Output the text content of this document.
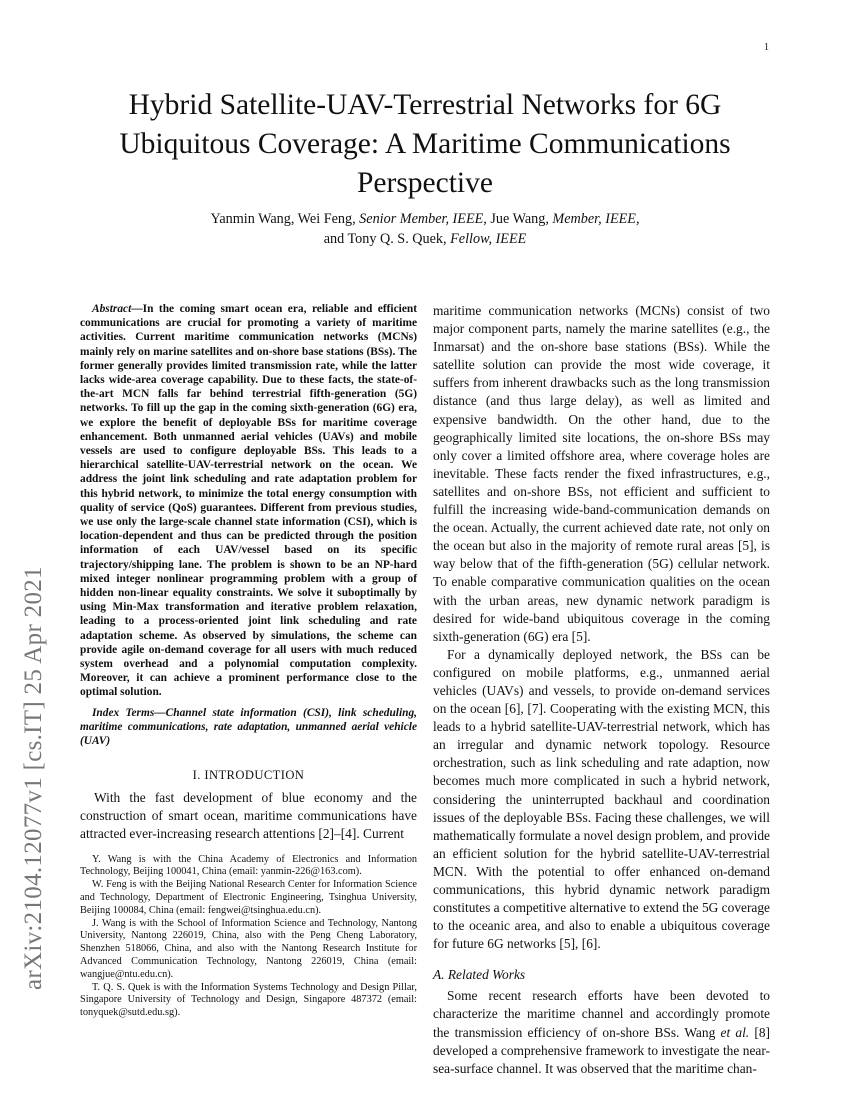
1
arXiv:2104.12077v1 [cs.IT] 25 Apr 2021
Hybrid Satellite-UAV-Terrestrial Networks for 6G Ubiquitous Coverage: A Maritime Communications Perspective
Yanmin Wang, Wei Feng, Senior Member, IEEE, Jue Wang, Member, IEEE,
and Tony Q. S. Quek, Fellow, IEEE

Abstract—In the coming smart ocean era, reliable and efficient communications are crucial for promoting a variety of maritime activities. Current maritime communication networks (MCNs) mainly rely on marine satellites and on-shore base stations (BSs). The former generally provides limited transmission rate, while the latter lacks wide-area coverage capability. Due to these facts, the state-of-the-art MCN falls far behind terrestrial fifth-generation (5G) networks. To fill up the gap in the coming sixth-generation (6G) era, we explore the benefit of deployable BSs for maritime coverage enhancement. Both unmanned aerial vehicles (UAVs) and mobile vessels are used to configure deployable BSs. This leads to a hierarchical satellite-UAV-terrestrial network on the ocean. We address the joint link scheduling and rate adaptation problem for this hybrid network, to minimize the total energy consumption with quality of service (QoS) guarantees. Different from previous studies, we use only the large-scale channel state information (CSI), which is location-dependent and thus can be predicted through the position information of each UAV/vessel based on its specific trajectory/shipping lane. The problem is shown to be an NP-hard mixed integer nonlinear programming problem with a group of hidden non-linear equality constraints. We solve it suboptimally by using Min-Max transformation and iterative problem relaxation, leading to a process-oriented joint link scheduling and rate adaptation scheme. As observed by simulations, the scheme can provide agile on-demand coverage for all users with much reduced system overhead and a polynomial computation complexity. Moreover, it can achieve a prominent performance close to the optimal solution.

Index Terms—Channel state information (CSI), link scheduling, maritime communications, rate adaptation, unmanned aerial vehicle (UAV)

I. INTRODUCTION

With the fast development of blue economy and the construction of smart ocean, maritime communications have attracted ever-increasing research attentions [2]–[4]. Current

Y. Wang is with the China Academy of Electronics and Information Technology, Beijing 100041, China (email: yanmin-226@163.com).

W. Feng is with the Beijing National Research Center for Information Science and Technology, Department of Electronic Engineering, Tsinghua University, Beijing 100084, China (email: fengwei@tsinghua.edu.cn).

J. Wang is with the School of Information Science and Technology, Nantong University, Nantong 226019, China, also with the Peng Cheng Laboratory, Shenzhen 518066, China, and also with the Nantong Research Institute for Advanced Communication Technology, Nantong 226019, China (email: wangjue@ntu.edu.cn).

T. Q. S. Quek is with the Information Systems Technology and Design Pillar, Singapore University of Technology and Design, Singapore 487372 (email: tonyquek@sutd.edu.sg).

maritime communication networks (MCNs) consist of two major component parts, namely the marine satellites (e.g., the Inmarsat) and the on-shore base stations (BSs). While the satellite solution can provide the most wide coverage, it suffers from inherent drawbacks such as the long transmission distance (and thus large delay), as well as limited and expensive bandwidth. On the other hand, due to the geographically limited site locations, the on-shore BSs may only cover a limited offshore area, where coverage holes are inevitable. These facts render the fixed infrastructures, e.g., satellites and on-shore BSs, not efficient and sufficient to fulfill the increasing wide-band-communication demands on the ocean. Actually, the current achieved date rate, not only on the ocean but also in the majority of remote rural areas [5], is way below that of the fifth-generation (5G) cellular network. To enable comparative communication qualities on the ocean with the urban areas, new dynamic network paradigm is desired for wide-band ubiquitous coverage in the coming sixth-generation (6G) era [5].

For a dynamically deployed network, the BSs can be configured on mobile platforms, e.g., unmanned aerial vehicles (UAVs) and vessels, to provide on-demand services on the ocean [6], [7]. Cooperating with the existing MCN, this leads to a hybrid satellite-UAV-terrestrial network, which has an irregular and dynamic network topology. Resource orchestration, such as link scheduling and rate adaption, now becomes much more complicated in such a hybrid network, considering the uninterrupted backhaul and coordination issues of the deployable BSs. Facing these challenges, we will mathematically formulate a novel design problem, and provide an efficient solution for the hybrid satellite-UAV-terrestrial MCN. With the potential to offer enhanced on-demand communications, this hybrid dynamic network paradigm constitutes a competitive alternative to extend the 5G coverage to the oceanic area, and also to enable a ubiquitous coverage for future 6G networks [5], [6].

A. Related Works

Some recent research efforts have been devoted to characterize the maritime channel and accordingly promote the transmission efficiency of on-shore BSs. Wang et al. [8] developed a comprehensive framework to investigate the near-sea-surface channel. It was observed that the maritime chan-
